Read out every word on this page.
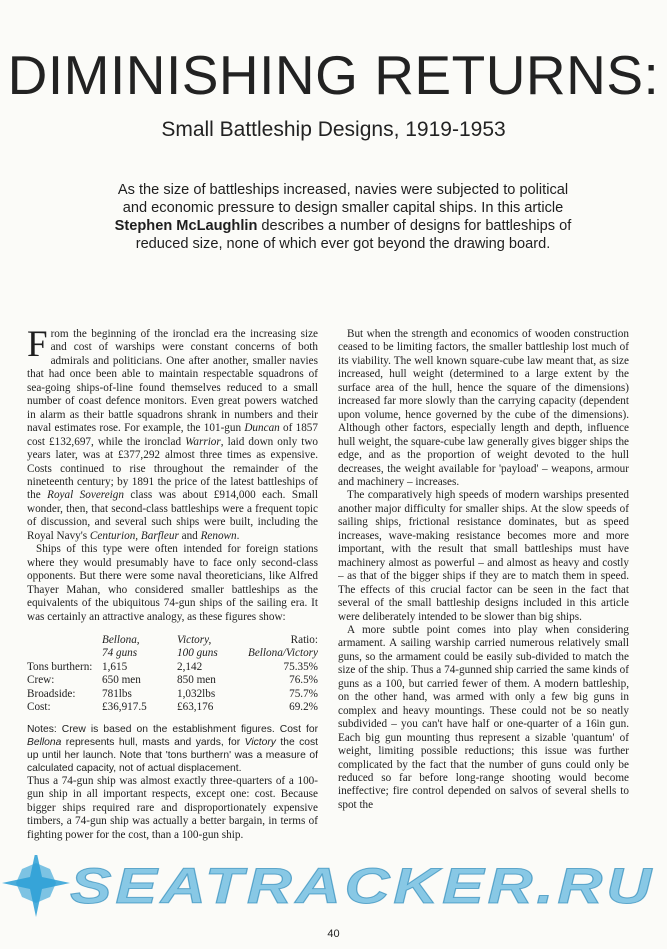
DIMINISHING RETURNS:
Small Battleship Designs, 1919-1953

As the size of battleships increased, navies were subjected to political and economic pressure to design smaller capital ships. In this article Stephen McLaughlin describes a number of designs for battleships of reduced size, none of which ever got beyond the drawing board.

From the beginning of the ironclad era the increasing size and cost of warships were constant concerns of both admirals and politicians. One after another, smaller navies that had once been able to maintain respectable squadrons of sea-going ships-of-line found themselves reduced to a small number of coast defence monitors. Even great powers watched in alarm as their battle squadrons shrank in numbers and their naval estimates rose. For example, the 101-gun Duncan of 1857 cost £132,697, while the ironclad Warrior, laid down only two years later, was at £377,292 almost three times as expensive. Costs continued to rise throughout the remainder of the nineteenth century; by 1891 the price of the latest battleships of the Royal Sovereign class was about £914,000 each. Small wonder, then, that second-class battleships were a frequent topic of discussion, and several such ships were built, including the Royal Navy's Centurion, Barfleur and Renown.

Ships of this type were often intended for foreign stations where they would presumably have to face only second-class opponents. But there were some naval theoreticians, like Alfred Thayer Mahan, who considered smaller battleships as the equivalents of the ubiquitous 74-gun ships of the sailing era. It was certainly an attractive analogy, as these figures show:

	Bellona,	Victory,	Ratio:
	74 guns	100 guns	Bellona/Victory
Tons burthern:	1,615	2,142	75.35%
Crew:	650 men	850 men	76.5%
Broadside:	781lbs	1,032lbs	75.7%
Cost:	£36,917.5	£63,176	69.2%

Notes: Crew is based on the establishment figures. Cost for Bellona represents hull, masts and yards, for Victory the cost up until her launch. Note that 'tons burthern' was a measure of calculated capacity, not of actual displacement.

Thus a 74-gun ship was almost exactly three-quarters of a 100-gun ship in all important respects, except one: cost. Because bigger ships required rare and disproportionately expensive timbers, a 74-gun ship was actually a better bargain, in terms of fighting power for the cost, than a 100-gun ship.

But when the strength and economics of wooden construction ceased to be limiting factors, the smaller battleship lost much of its viability. The well known square-cube law meant that, as size increased, hull weight (determined to a large extent by the surface area of the hull, hence the square of the dimensions) increased far more slowly than the carrying capacity (dependent upon volume, hence governed by the cube of the dimensions). Although other factors, especially length and depth, influence hull weight, the square-cube law generally gives bigger ships the edge, and as the proportion of weight devoted to the hull decreases, the weight available for 'payload' – weapons, armour and machinery – increases.

The comparatively high speeds of modern warships presented another major difficulty for smaller ships. At the slow speeds of sailing ships, frictional resistance dominates, but as speed increases, wave-making resistance becomes more and more important, with the result that small battleships must have machinery almost as powerful – and almost as heavy and costly – as that of the bigger ships if they are to match them in speed. The effects of this crucial factor can be seen in the fact that several of the small battleship designs included in this article were deliberately intended to be slower than big ships.

A more subtle point comes into play when considering armament. A sailing warship carried numerous relatively small guns, so the armament could be easily sub-divided to match the size of the ship. Thus a 74-gunned ship carried the same kinds of guns as a 100, but carried fewer of them. A modern battleship, on the other hand, was armed with only a few big guns in complex and heavy mountings. These could not be so neatly subdivided – you can't have half or one-quarter of a 16in gun. Each big gun mounting thus represent a sizable 'quantum' of weight, limiting possible reductions; this issue was further complicated by the fact that the number of guns could only be reduced so far before long-range shooting would become ineffective; fire control depended on salvos of several shells to spot the

SEATRACKER.RU
40
